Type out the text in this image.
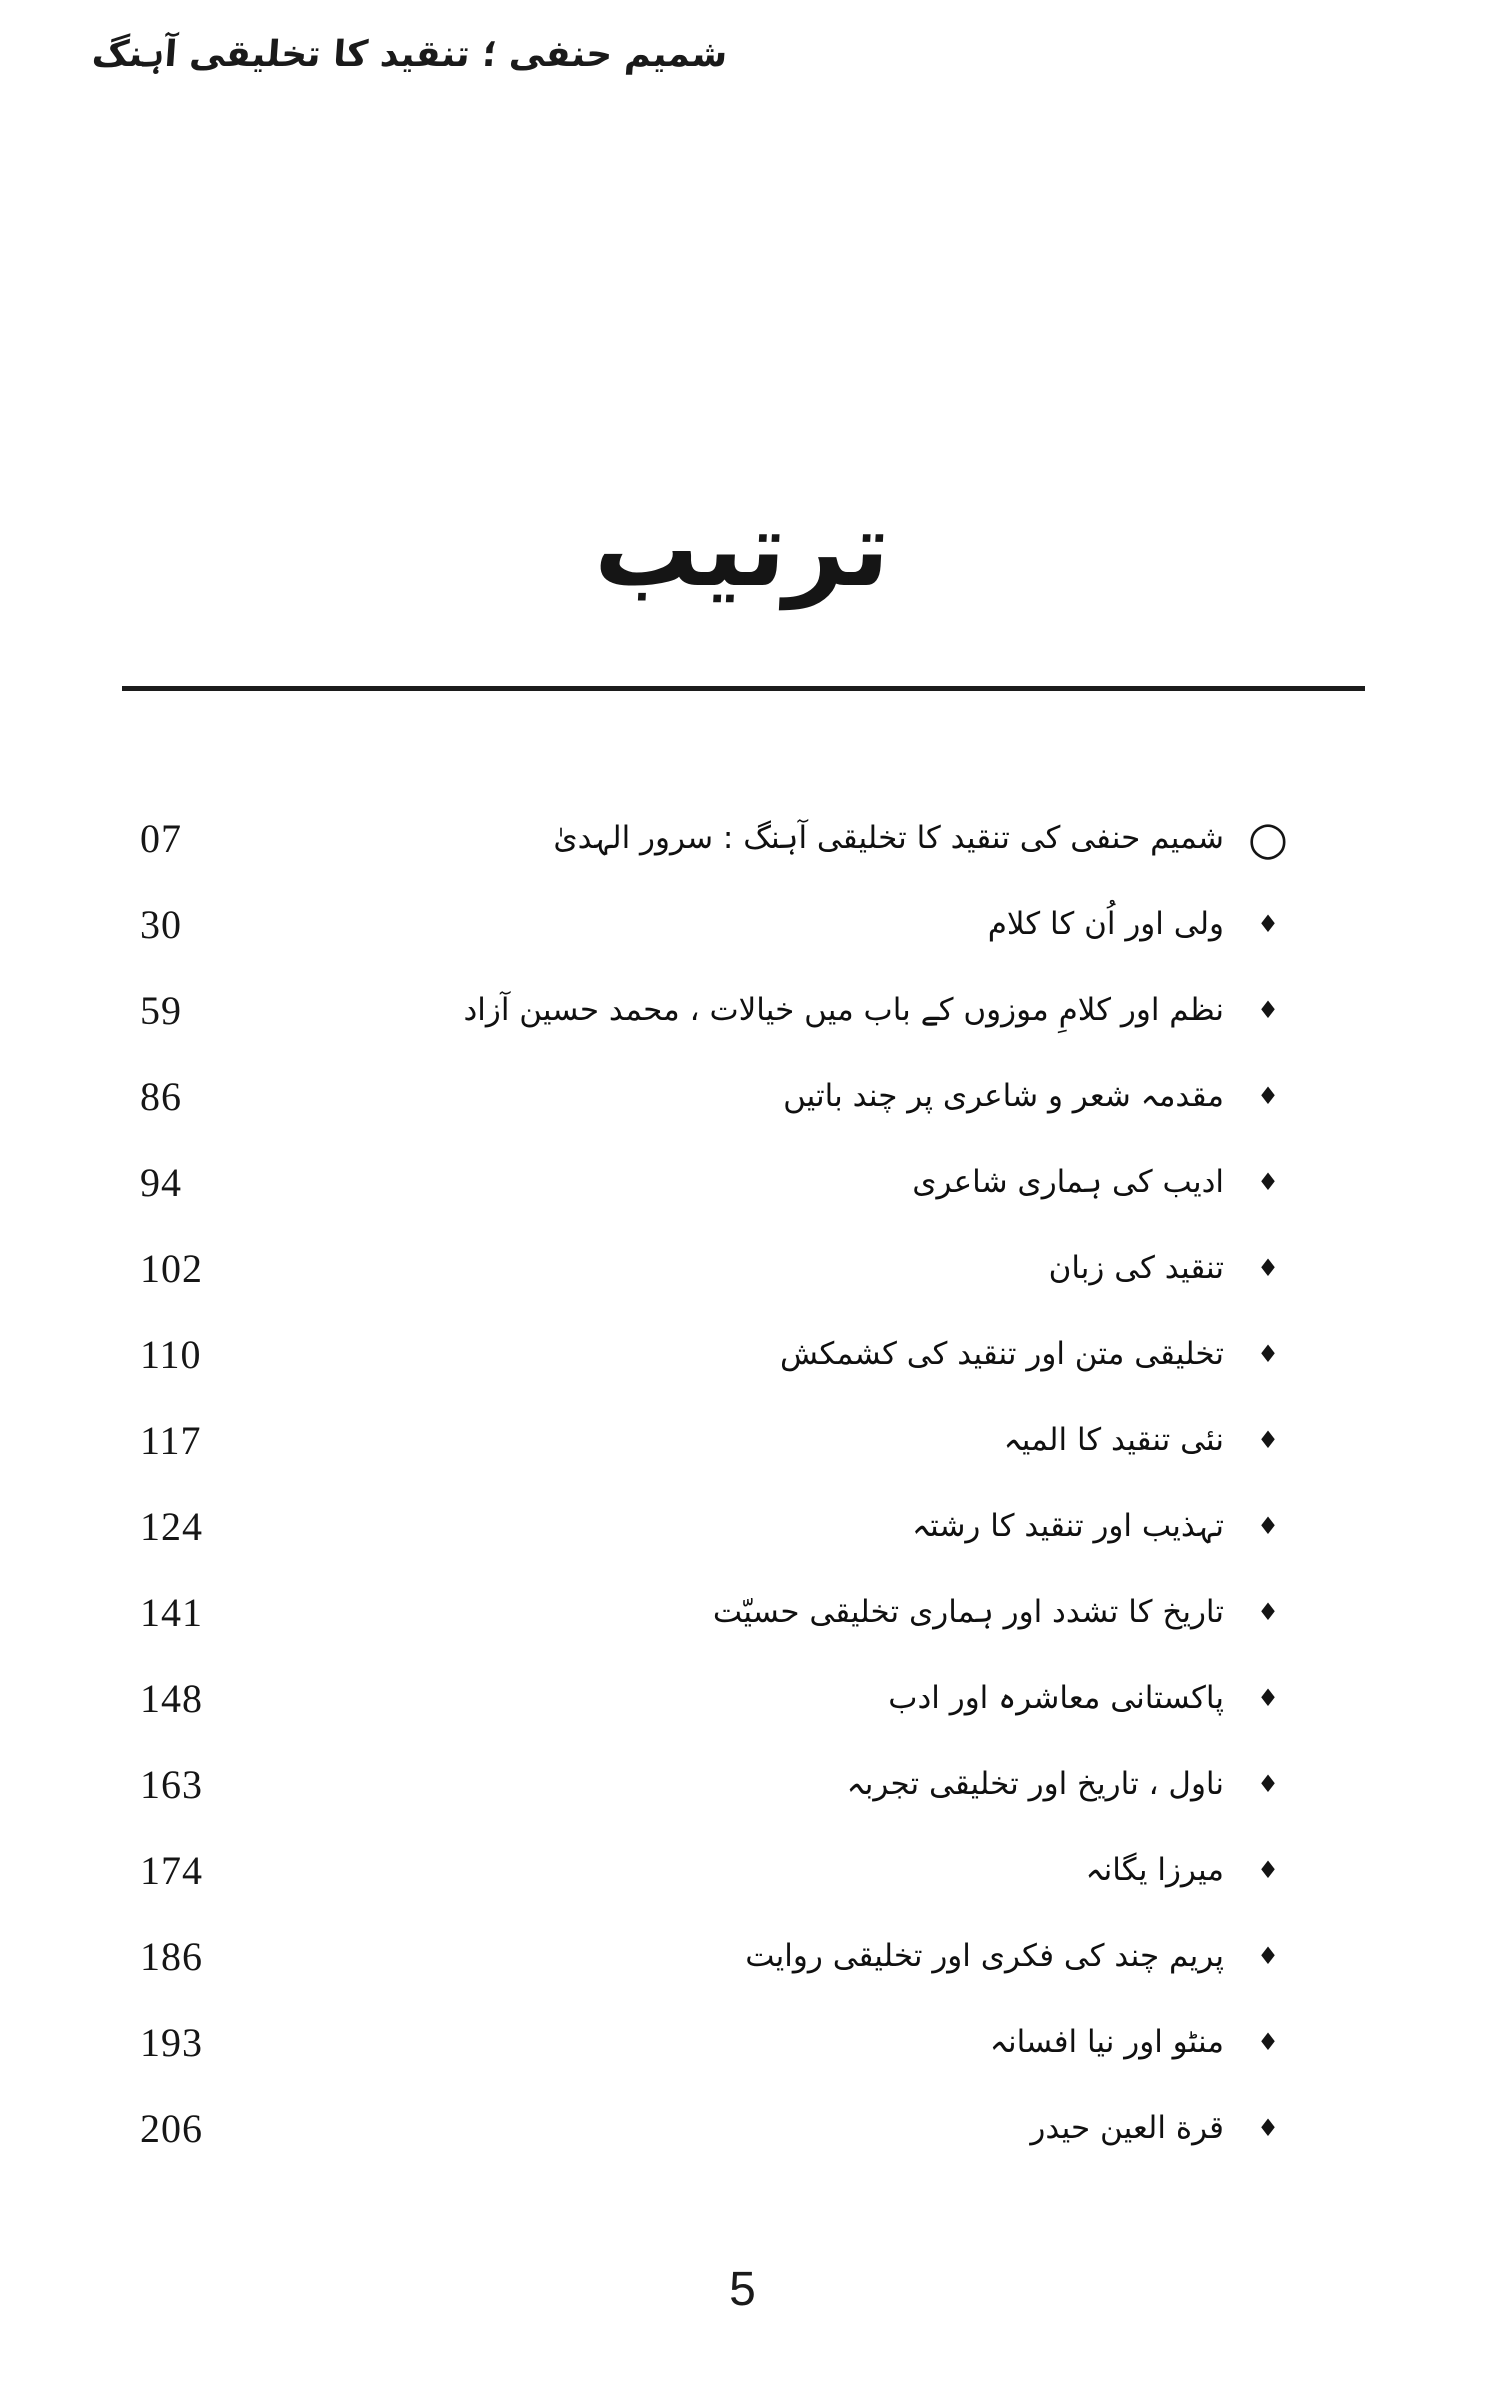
شمیم حنفی ؛ تنقید کا تخلیقی آہنگ
ترتیب
07	شمیم حنفی کی تنقید کا تخلیقی آہنگ : سرور الہدیٰ ○
30	ولی اور اُن کا کلام	♦
59	نظم اور کلامِ موزوں کے باب میں خیالات ، محمد حسین آزاد	♦
86	مقدمہ شعر و شاعری پر چند باتیں	♦
94	ادیب کی ہماری شاعری	♦
102	تنقید کی زبان	♦
110	تخلیقی متن اور تنقید کی کشمکش	♦
117	نئی تنقید کا المیہ	♦
124	تہذیب اور تنقید کا رشتہ	♦
141	تاریخ کا تشدد اور ہماری تخلیقی حسیّت	♦
148	پاکستانی معاشرہ اور ادب	♦
163	ناول ، تاریخ اور تخلیقی تجربہ	♦
174	میرزا یگانہ	♦
186	پریم چند کی فکری اور تخلیقی روایت	♦
193	منٹو اور نیا افسانہ	♦
206	قرة العین حیدر	♦
5
